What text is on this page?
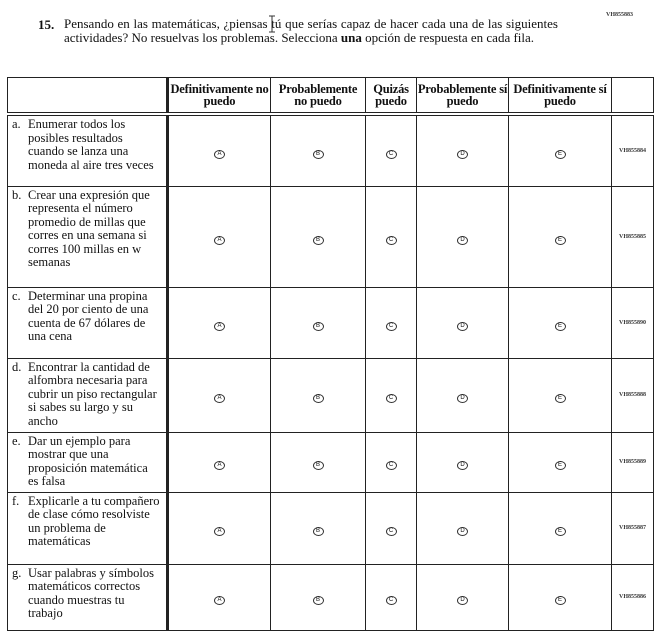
VH855883
15. Pensando en las matemáticas, ¿piensas tú que serías capaz de hacer cada una de las siguientes actividades? No resuelvas los problemas. Selecciona una opción de respuesta en cada fila.
	Definitivamente no puedo	Probablemente no puedo	Quizás puedo	Probablemente sí puedo	Definitivamente sí puedo	
a. Enumerar todos los posibles resultados cuando se lanza una moneda al aire tres veces	A	B	C	D	E	VH855884
b. Crear una expresión que representa el número promedio de millas que corres en una semana si corres 100 millas en w semanas	A	B	C	D	E	VH855885
c. Determinar una propina del 20 por ciento de una cuenta de 67 dólares de una cena	A	B	C	D	E	VH855890
d. Encontrar la cantidad de alfombra necesaria para cubrir un piso rectangular si sabes su largo y su ancho	A	B	C	D	E	VH855888
e. Dar un ejemplo para mostrar que una proposición matemática es falsa	A	B	C	D	E	VH855889
f. Explicarle a tu compañero de clase cómo resolviste un problema de matemáticas	A	B	C	D	E	VH855887
g. Usar palabras y símbolos matemáticos correctos cuando muestras tu trabajo	A	B	C	D	E	VH855886
